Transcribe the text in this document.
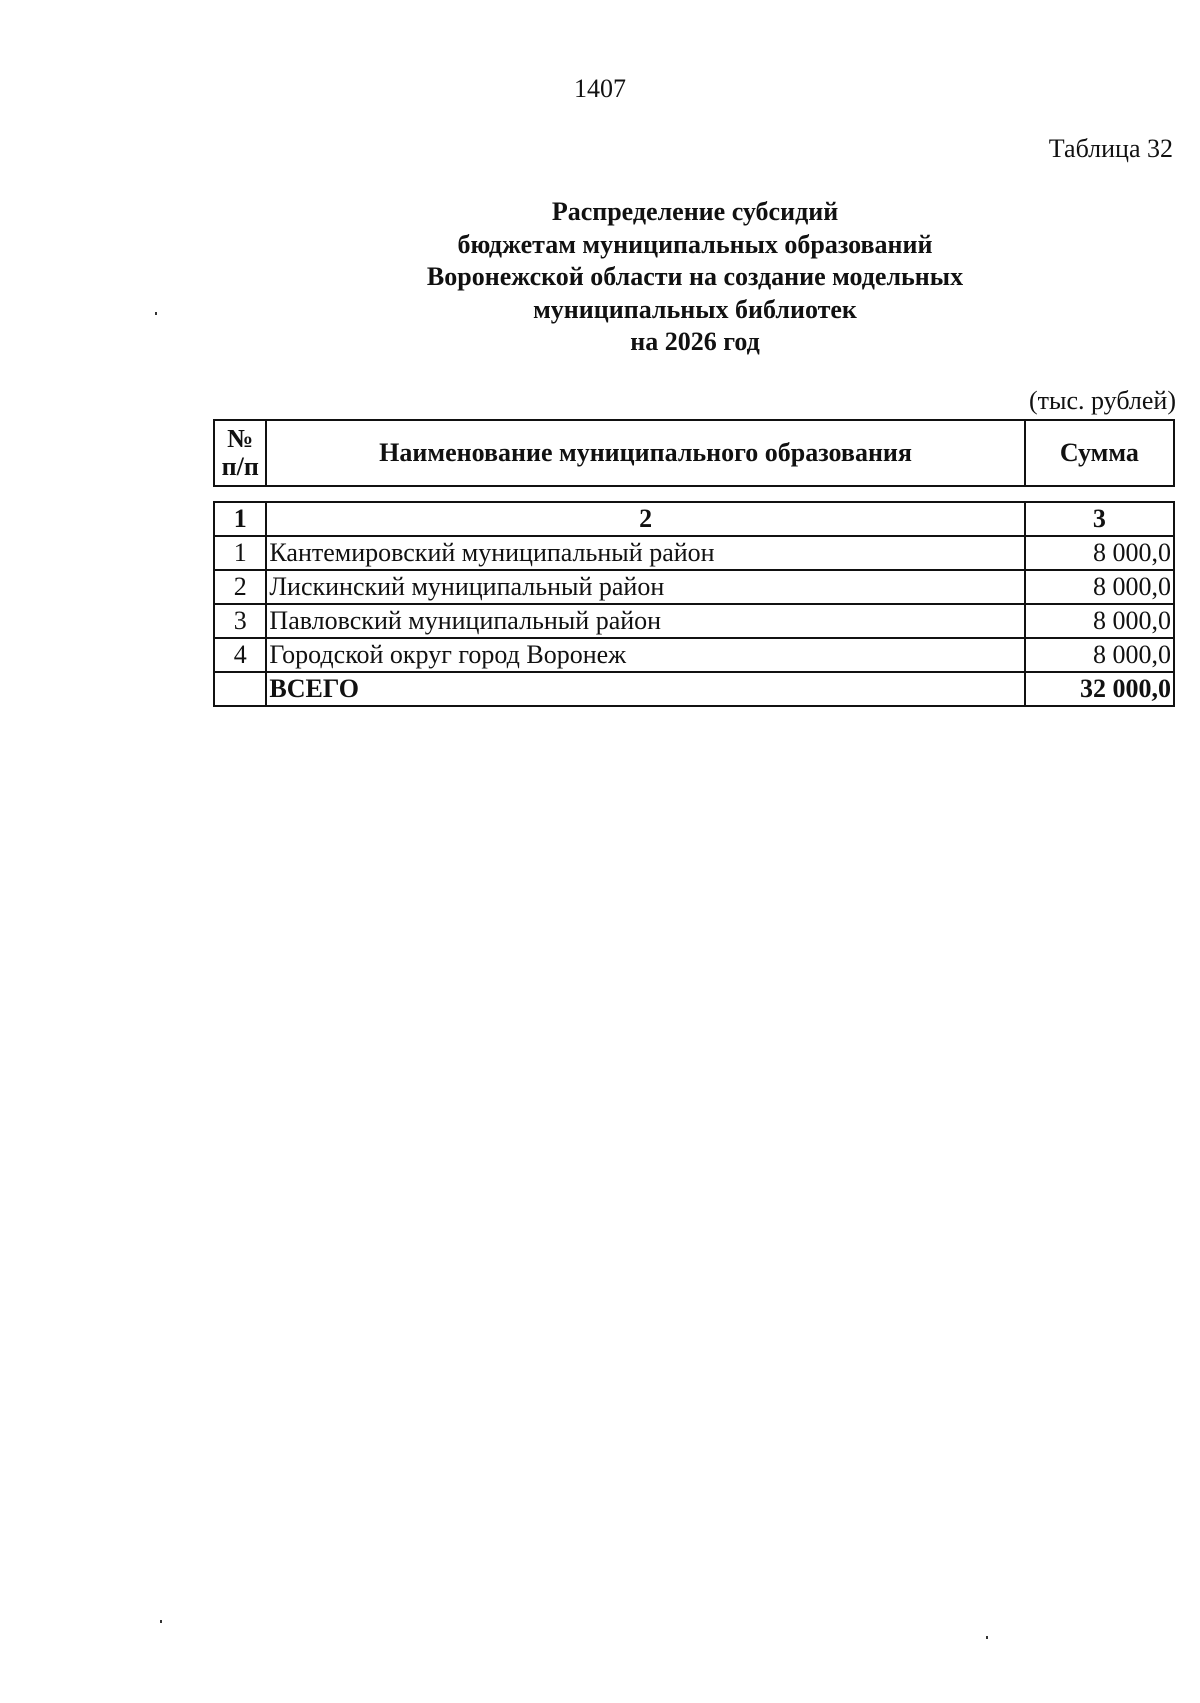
1407
Таблица 32
Распределение субсидий
бюджетам муниципальных образований
Воронежской области на создание модельных
муниципальных библиотек
на 2026 год
(тыс. рублей)
№ п/п	Наименование муниципального образования	Сумма
1	2	3
1	Кантемировский муниципальный район	8 000,0
2	Лискинский муниципальный район	8 000,0
3	Павловский муниципальный район	8 000,0
4	Городской округ город Воронеж	8 000,0
	ВСЕГО	32 000,0
